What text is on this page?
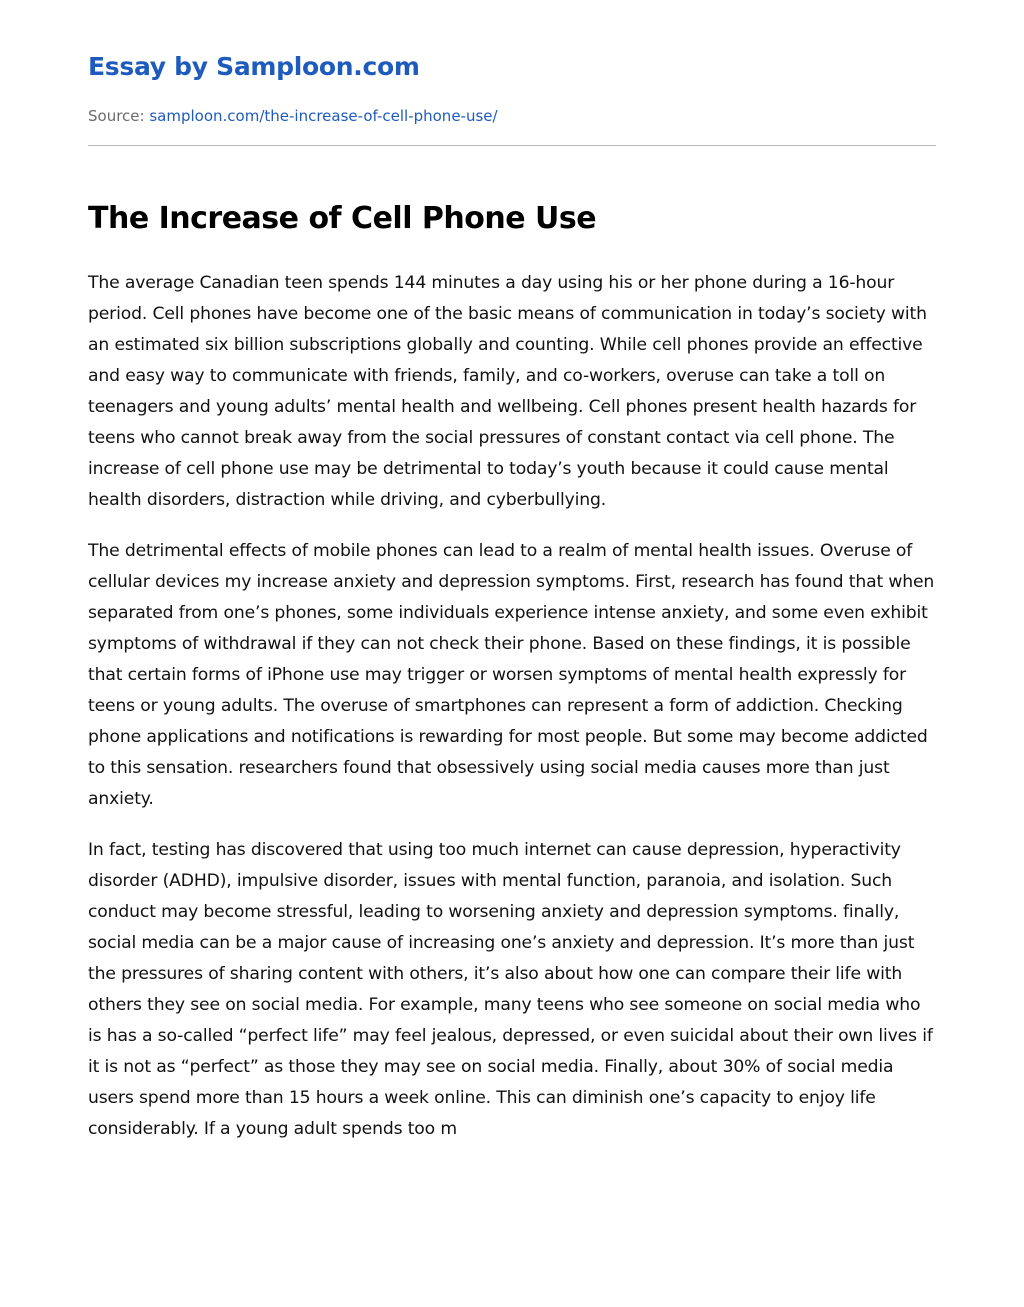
Essay by Samploon.com
Source: samploon.com/the-increase-of-cell-phone-use/
The Increase of Cell Phone Use

The average Canadian teen spends 144 minutes a day using his or her phone during a 16-hour period. Cell phones have become one of the basic means of communication in today’s society with an estimated six billion subscriptions globally and counting. While cell phones provide an effective and easy way to communicate with friends, family, and co-workers, overuse can take a toll on teenagers and young adults’ mental health and wellbeing. Cell phones present health hazards for teens who cannot break away from the social pressures of constant contact via cell phone. The increase of cell phone use may be detrimental to today’s youth because it could cause mental health disorders, distraction while driving, and cyberbullying.

The detrimental effects of mobile phones can lead to a realm of mental health issues. Overuse of cellular devices my increase anxiety and depression symptoms. First, research has found that when separated from one’s phones, some individuals experience intense anxiety, and some even exhibit symptoms of withdrawal if they can not check their phone. Based on these findings, it is possible that certain forms of iPhone use may trigger or worsen symptoms of mental health expressly for teens or young adults. The overuse of smartphones can represent a form of addiction. Checking phone applications and notifications is rewarding for most people. But some may become addicted to this sensation. researchers found that obsessively using social media causes more than just anxiety.

In fact, testing has discovered that using too much internet can cause depression, hyperactivity disorder (ADHD), impulsive disorder, issues with mental function, paranoia, and isolation. Such conduct may become stressful, leading to worsening anxiety and depression symptoms. finally, social media can be a major cause of increasing one’s anxiety and depression. It’s more than just the pressures of sharing content with others, it’s also about how one can compare their life with others they see on social media. For example, many teens who see someone on social media who is has a so-called “perfect life” may feel jealous, depressed, or even suicidal about their own lives if it is not as “perfect” as those they may see on social media. Finally, about 30% of social media users spend more than 15 hours a week online. This can diminish one’s capacity to enjoy life considerably. If a young adult spends too m
